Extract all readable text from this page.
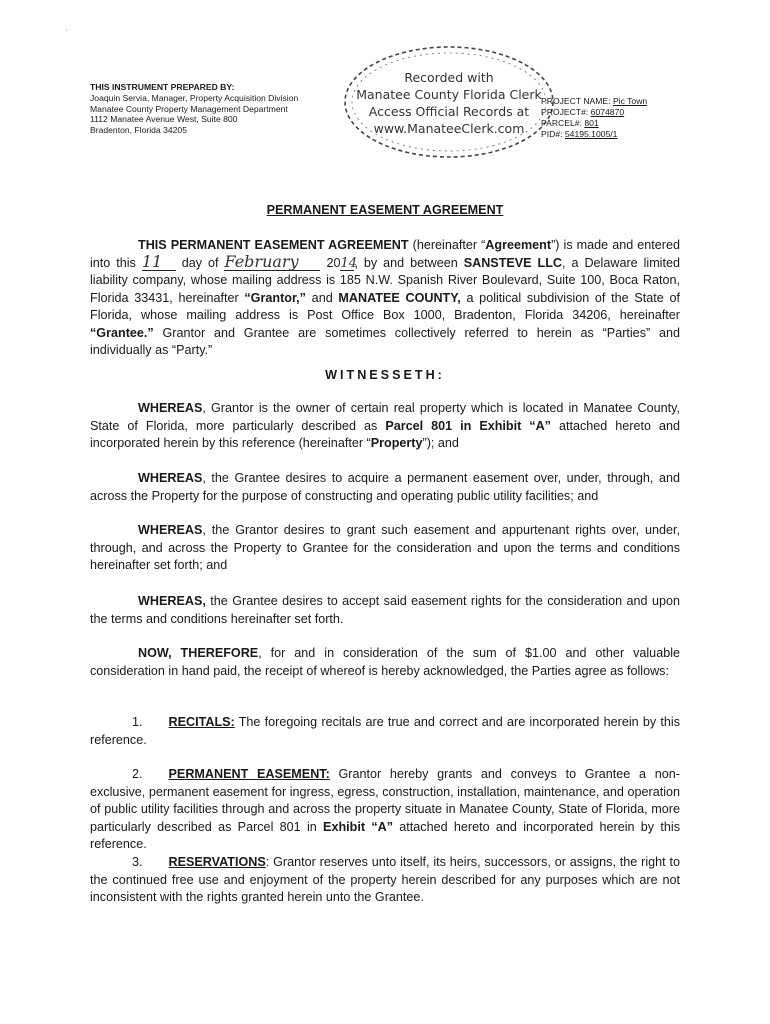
′
THIS INSTRUMENT PREPARED BY:
Joaquin Servia, Manager, Property Acquisition Division
Manatee County Property Management Department
1112 Manatee Avenue West, Suite 800
Bradenton, Florida 34205
Recorded with
Manatee County Florida Clerk
Access Official Records at
www.ManateeClerk.com
PROJECT NAME: Pic Town
PROJECT#: 6074870
PARCEL#: 801
PID#: 54195.1005/1
PERMANENT EASEMENT AGREEMENT
THIS PERMANENT EASEMENT AGREEMENT (hereinafter “Agreement”) is made and entered into this 11 day of February 2014, by and between SANSTEVE LLC, a Delaware limited liability company, whose mailing address is 185 N.W. Spanish River Boulevard, Suite 100, Boca Raton, Florida 33431, hereinafter “Grantor,” and MANATEE COUNTY, a political subdivision of the State of Florida, whose mailing address is Post Office Box 1000, Bradenton, Florida 34206, hereinafter “Grantee.” Grantor and Grantee are sometimes collectively referred to herein as “Parties” and individually as “Party.”
WITNESSETH:
WHEREAS, Grantor is the owner of certain real property which is located in Manatee County, State of Florida, more particularly described as Parcel 801 in Exhibit “A” attached hereto and incorporated herein by this reference (hereinafter “Property”); and
WHEREAS, the Grantee desires to acquire a permanent easement over, under, through, and across the Property for the purpose of constructing and operating public utility facilities; and
WHEREAS, the Grantor desires to grant such easement and appurtenant rights over, under, through, and across the Property to Grantee for the consideration and upon the terms and conditions hereinafter set forth; and
WHEREAS, the Grantee desires to accept said easement rights for the consideration and upon the terms and conditions hereinafter set forth.
NOW, THEREFORE, for and in consideration of the sum of $1.00 and other valuable consideration in hand paid, the receipt of whereof is hereby acknowledged, the Parties agree as follows:
1. RECITALS: The foregoing recitals are true and correct and are incorporated herein by this reference.
2. PERMANENT EASEMENT: Grantor hereby grants and conveys to Grantee a non-exclusive, permanent easement for ingress, egress, construction, installation, maintenance, and operation of public utility facilities through and across the property situate in Manatee County, State of Florida, more particularly described as Parcel 801 in Exhibit “A” attached hereto and incorporated herein by this reference.
3. RESERVATIONS: Grantor reserves unto itself, its heirs, successors, or assigns, the right to the continued free use and enjoyment of the property herein described for any purposes which are not inconsistent with the rights granted herein unto the Grantee.
